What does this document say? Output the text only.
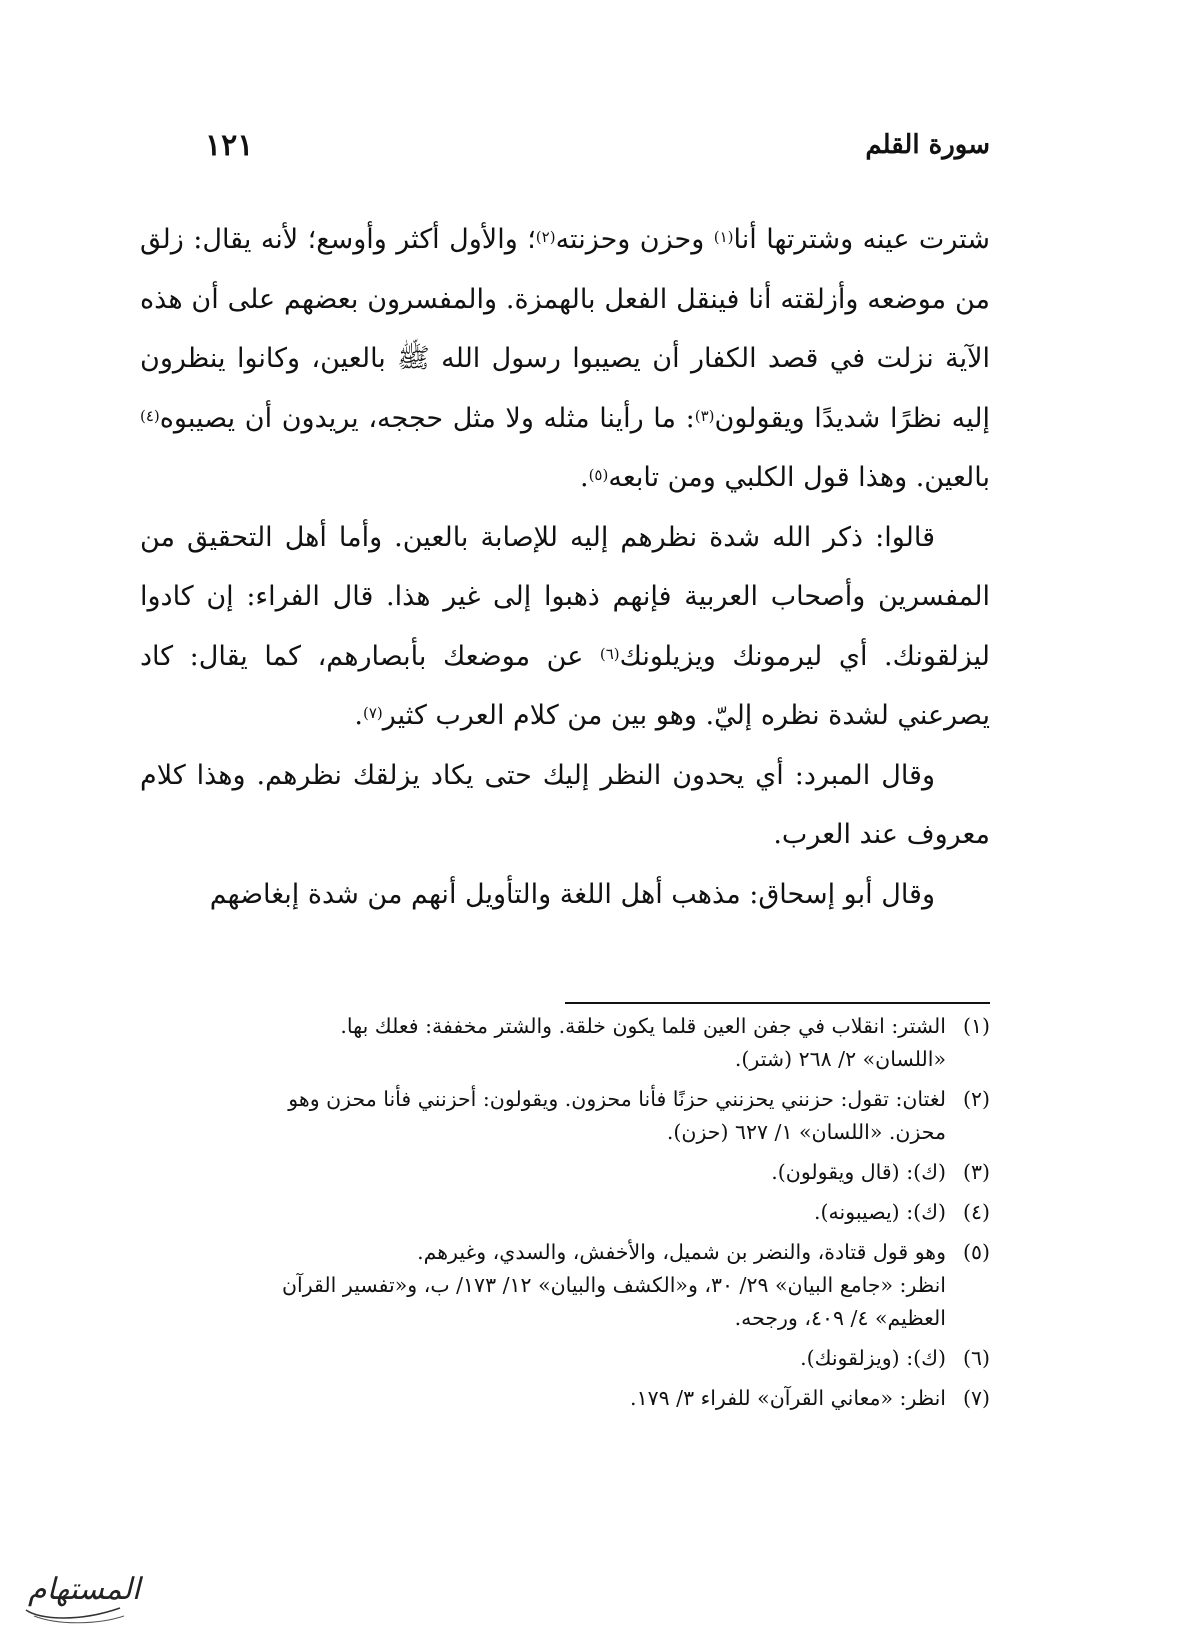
سورة القلم
١٢١

شترت عينه وشترتها أنا$^{(١)}$ وحزن وحزنته$^{(٢)}$؛ والأول أكثر وأوسع؛ لأنه يقال: زلق من موضعه وأزلقته أنا فينقل الفعل بالهمزة. والمفسرون بعضهم على أن هذه الآية نزلت في قصد الكفار أن يصيبوا رسول الله ﷺ بالعين، وكانوا ينظرون إليه نظرًا شديدًا ويقولون$^{(٣)}$: ما رأينا مثله ولا مثل حججه، يريدون أن يصيبوه$^{(٤)}$ بالعين. وهذا قول الكلبي ومن تابعه$^{(٥)}$.

قالوا: ذكر الله شدة نظرهم إليه للإصابة بالعين. وأما أهل التحقيق من المفسرين وأصحاب العربية فإنهم ذهبوا إلى غير هذا. قال الفراء: إن كادوا ليزلقونك. أي ليرمونك ويزيلونك$^{(٦)}$ عن موضعك بأبصارهم، كما يقال: كاد يصرعني لشدة نظره إليّ. وهو بين من كلام العرب كثير$^{(٧)}$.

وقال المبرد: أي يحدون النظر إليك حتى يكاد يزلقك نظرهم. وهذا كلام معروف عند العرب.

وقال أبو إسحاق: مذهب أهل اللغة والتأويل أنهم من شدة إبغاضهم

(١)
الشتر: انقلاب في جفن العين قلما يكون خلقة. والشتر مخففة: فعلك بها.
«اللسان» ٢/ ٢٦٨ (شتر).
(٢)
لغتان: تقول: حزنني يحزنني حزنًا فأنا محزون. ويقولون: أحزنني فأنا محزن وهو
محزن. «اللسان» ١/ ٦٢٧ (حزن).
(٣)
(ك): (قال ويقولون).
(٤)
(ك): (يصيبونه).
(٥)
وهو قول قتادة، والنضر بن شميل، والأخفش، والسدي، وغيرهم.
انظر: «جامع البيان» ٢٩/ ٣٠، و«الكشف والبيان» ١٢/ ١٧٣/ ب، و«تفسير القرآن
العظيم» ٤/ ٤٠٩، ورجحه.
(٦)
(ك): (ويزلقونك).
(٧)
انظر: «معاني القرآن» للفراء ٣/ ١٧٩.
المستهام
